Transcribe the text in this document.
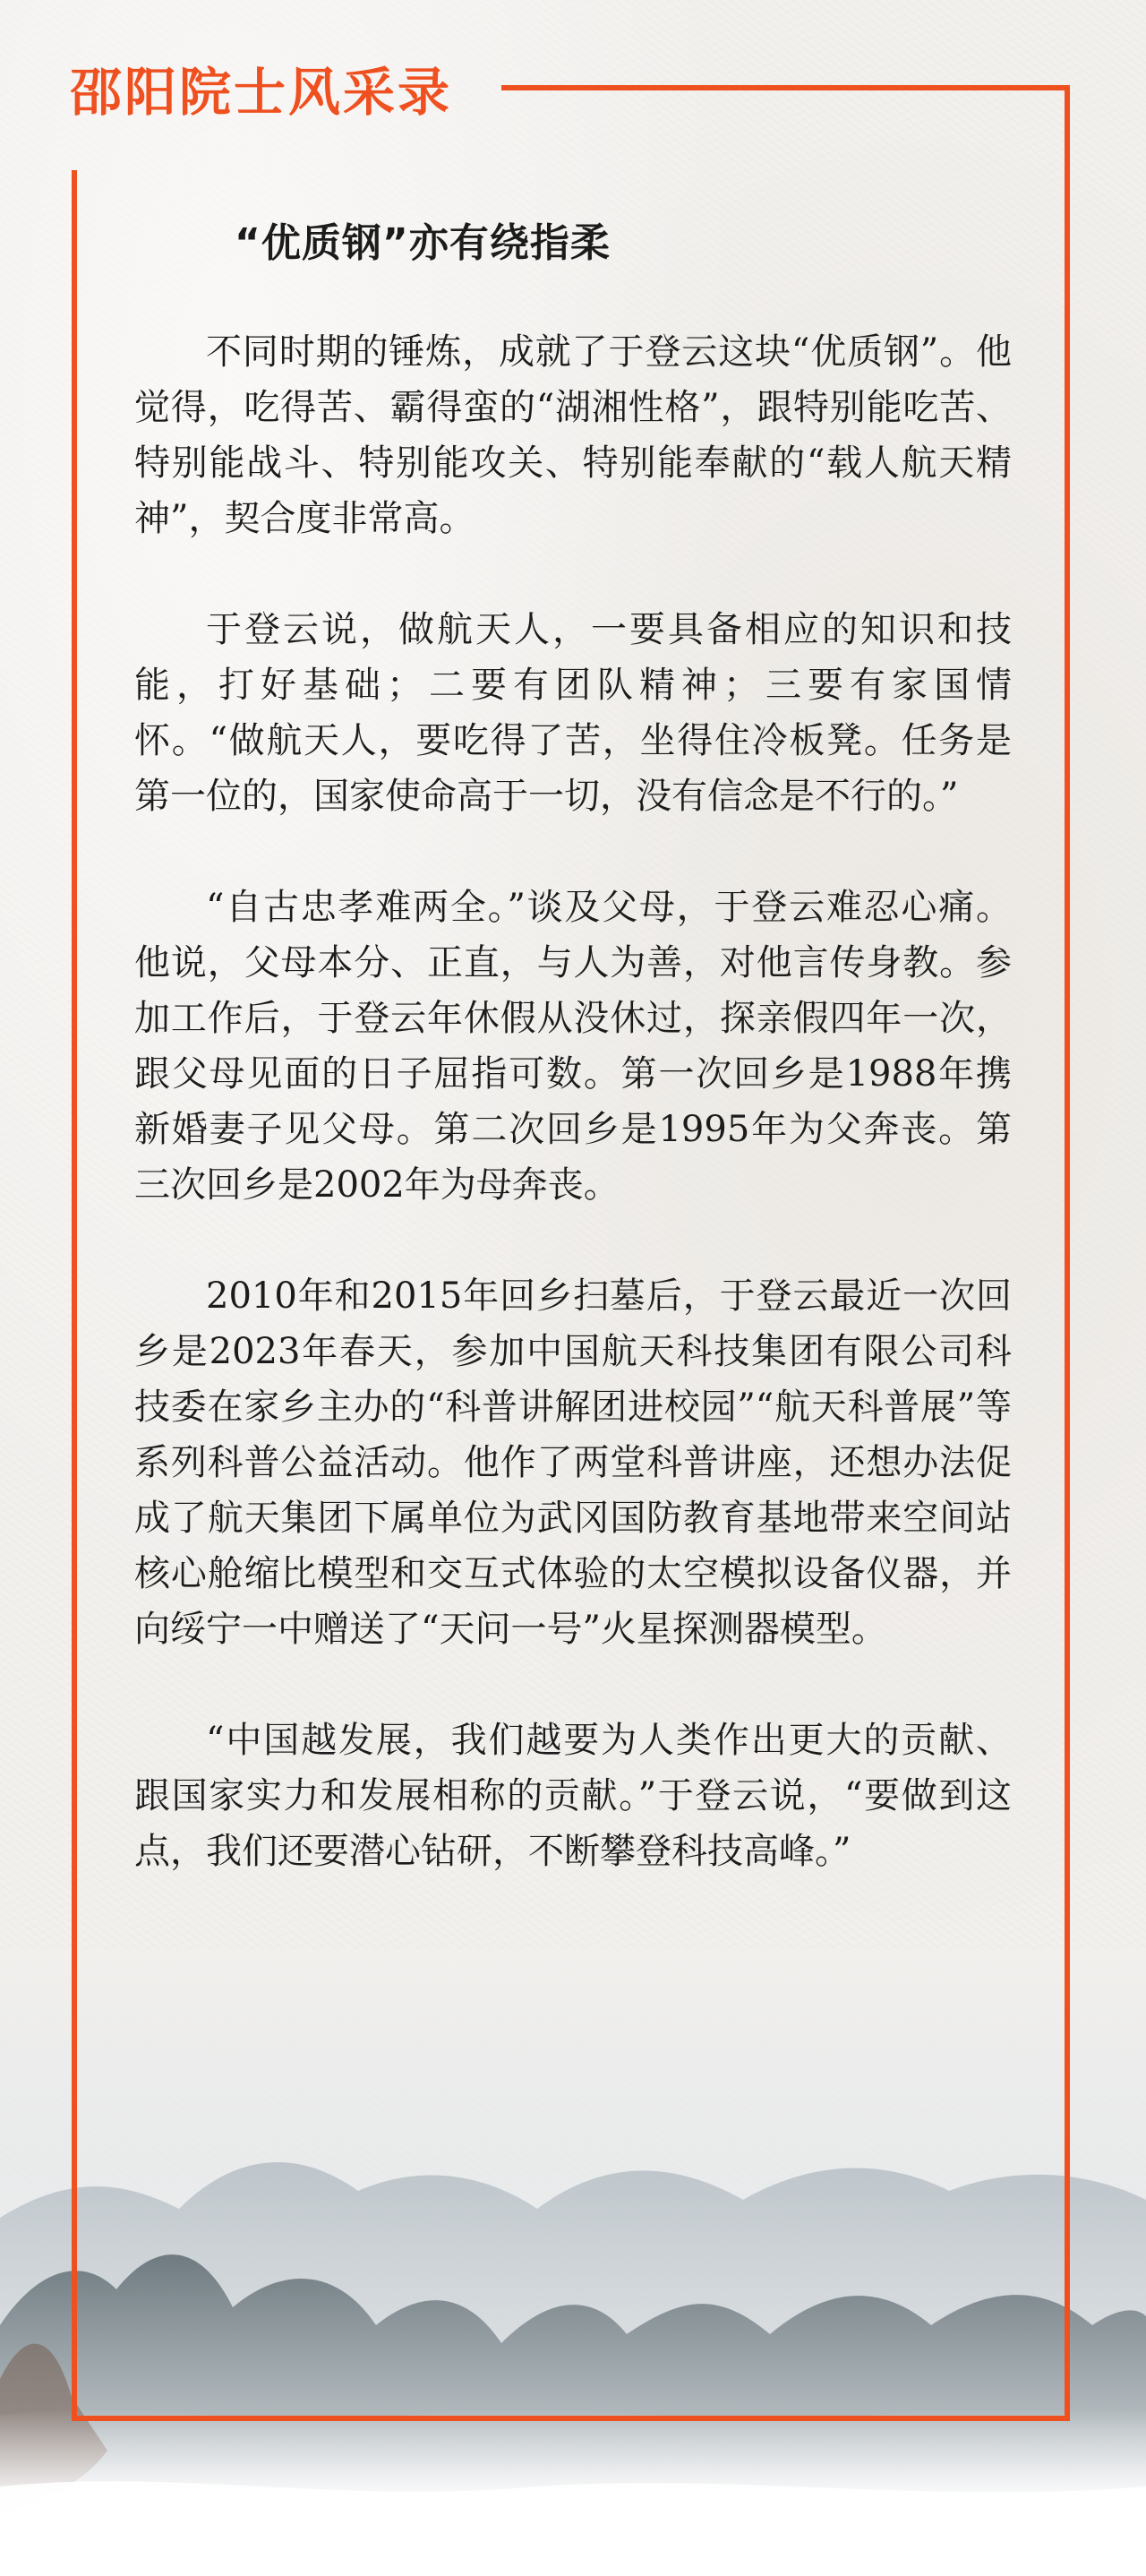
邵阳院士风采录
“优质钢”亦有绕指柔

不同时期的锤炼，成就了于登云这块“优质钢”。他觉得，吃得苦、霸得蛮的“湖湘性格”，跟特别能吃苦、特别能战斗、特别能攻关、特别能奉献的“载人航天精神”，契合度非常高。

于登云说，做航天人，一要具备相应的知识和技能，打好基础；二要有团队精神；三要有家国情怀。“做航天人，要吃得了苦，坐得住冷板凳。任务是第一位的，国家使命高于一切，没有信念是不行的。”

“自古忠孝难两全。”谈及父母，于登云难忍心痛。他说，父母本分、正直，与人为善，对他言传身教。参加工作后，于登云年休假从没休过，探亲假四年一次，跟父母见面的日子屈指可数。第一次回乡是1988年携新婚妻子见父母。第二次回乡是1995年为父奔丧。第三次回乡是2002年为母奔丧。

2010年和2015年回乡扫墓后，于登云最近一次回乡是2023年春天，参加中国航天科技集团有限公司科技委在家乡主办的“科普讲解团进校园”“航天科普展”等系列科普公益活动。他作了两堂科普讲座，还想办法促成了航天集团下属单位为武冈国防教育基地带来空间站核心舱缩比模型和交互式体验的太空模拟设备仪器，并向绥宁一中赠送了“天问一号”火星探测器模型。

“中国越发展，我们越要为人类作出更大的贡献、跟国家实力和发展相称的贡献。”于登云说，“要做到这点，我们还要潜心钻研，不断攀登科技高峰。”
